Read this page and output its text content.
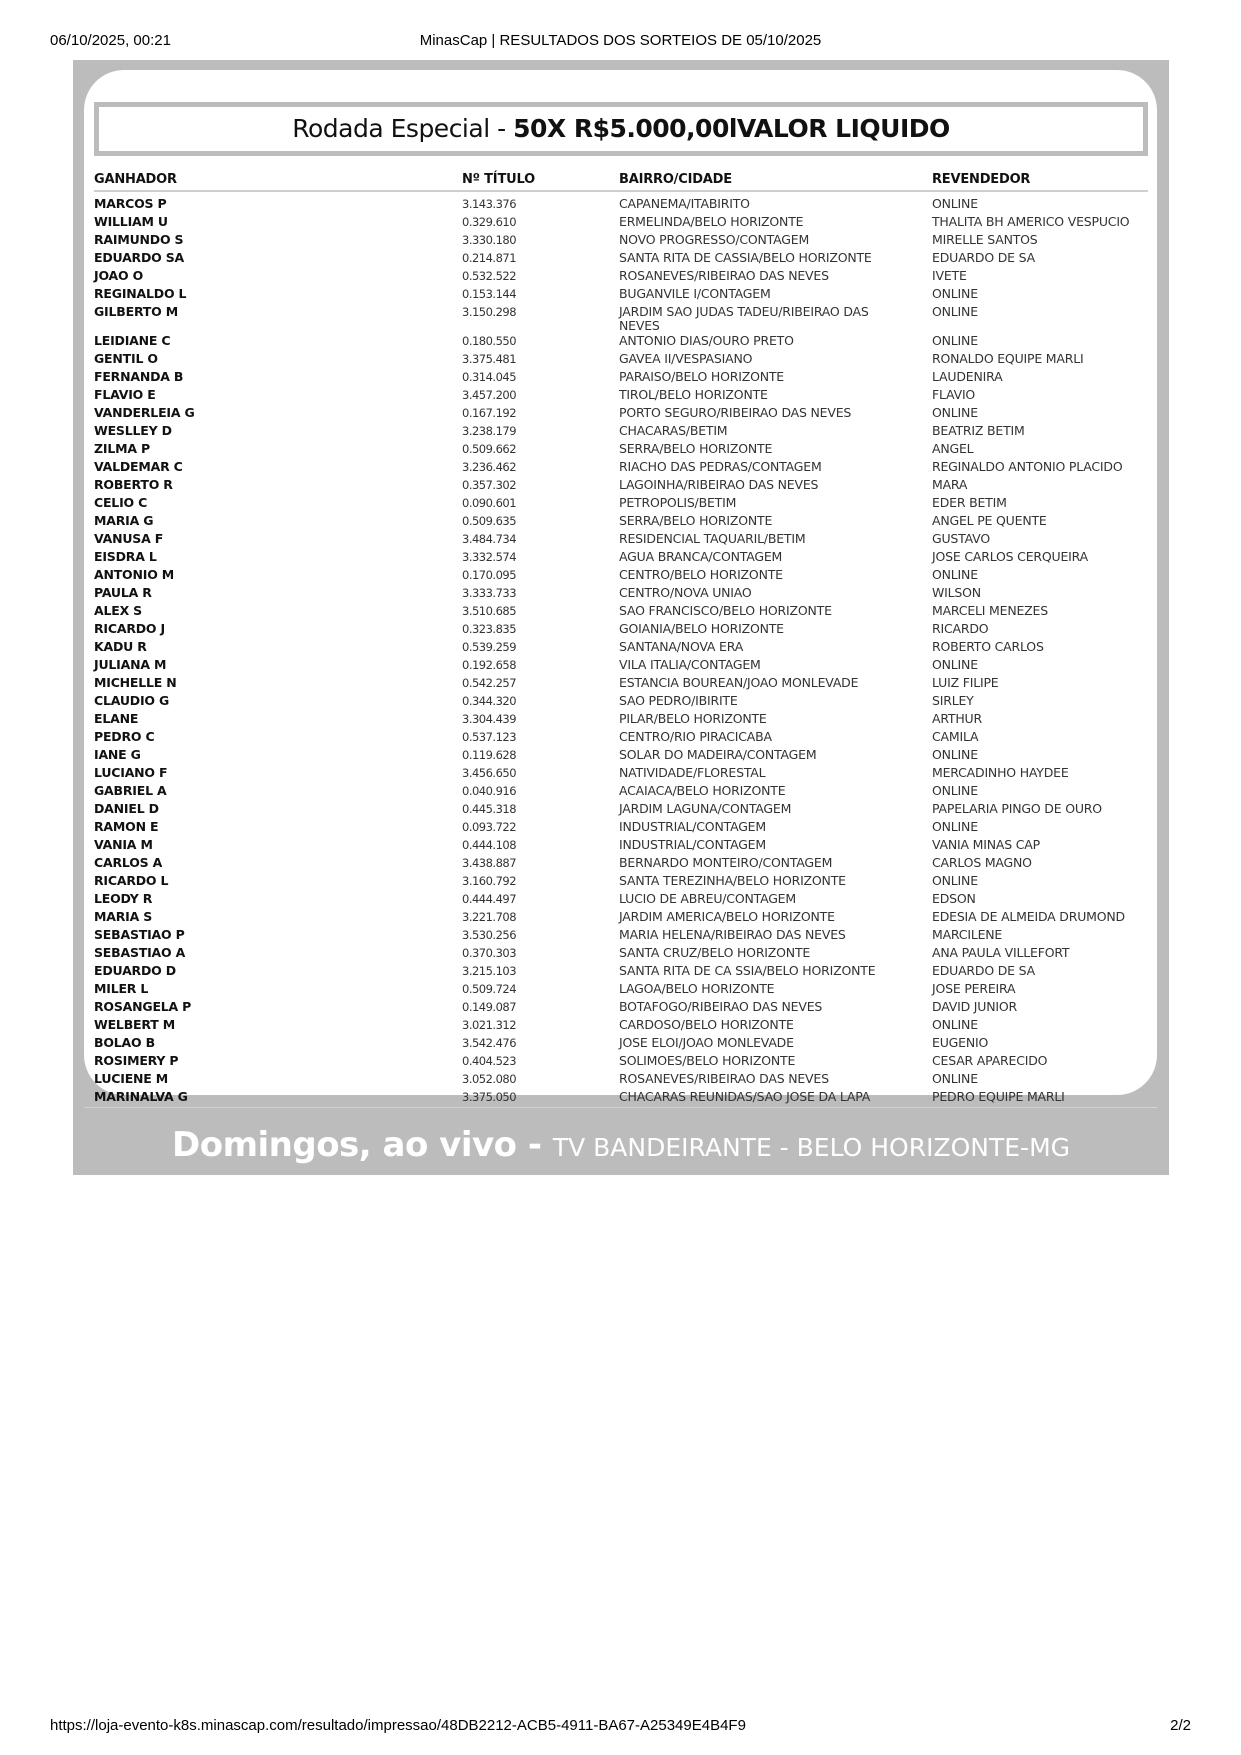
06/10/2025, 00:21	MinasCap | RESULTADOS DOS SORTEIOS DE 05/10/2025
Rodada Especial - 50X R$5.000,00lVALOR LIQUIDO
GANHADOR	Nº TÍTULO	BAIRRO/CIDADE	REVENDEDOR
MARCOS P	3.143.376	CAPANEMA/ITABIRITO	ONLINE
WILLIAM U	0.329.610	ERMELINDA/BELO HORIZONTE	THALITA BH AMERICO VESPUCIO
RAIMUNDO S	3.330.180	NOVO PROGRESSO/CONTAGEM	MIRELLE SANTOS
EDUARDO SA	0.214.871	SANTA RITA DE CASSIA/BELO HORIZONTE	EDUARDO DE SA
JOAO O	0.532.522	ROSANEVES/RIBEIRAO DAS NEVES	IVETE
REGINALDO L	0.153.144	BUGANVILE I/CONTAGEM	ONLINE
GILBERTO M	3.150.298	JARDIM SAO JUDAS TADEU/RIBEIRAO DAS NEVES	ONLINE
LEIDIANE C	0.180.550	ANTONIO DIAS/OURO PRETO	ONLINE
GENTIL O	3.375.481	GAVEA II/VESPASIANO	RONALDO EQUIPE MARLI
FERNANDA B	0.314.045	PARAISO/BELO HORIZONTE	LAUDENIRA
FLAVIO E	3.457.200	TIROL/BELO HORIZONTE	FLAVIO
VANDERLEIA G	0.167.192	PORTO SEGURO/RIBEIRAO DAS NEVES	ONLINE
WESLLEY D	3.238.179	CHACARAS/BETIM	BEATRIZ BETIM
ZILMA P	0.509.662	SERRA/BELO HORIZONTE	ANGEL
VALDEMAR C	3.236.462	RIACHO DAS PEDRAS/CONTAGEM	REGINALDO ANTONIO PLACIDO
ROBERTO R	0.357.302	LAGOINHA/RIBEIRAO DAS NEVES	MARA
CELIO C	0.090.601	PETROPOLIS/BETIM	EDER BETIM
MARIA G	0.509.635	SERRA/BELO HORIZONTE	ANGEL PE QUENTE
VANUSA F	3.484.734	RESIDENCIAL TAQUARIL/BETIM	GUSTAVO
EISDRA L	3.332.574	AGUA BRANCA/CONTAGEM	JOSE CARLOS CERQUEIRA
ANTONIO M	0.170.095	CENTRO/BELO HORIZONTE	ONLINE
PAULA R	3.333.733	CENTRO/NOVA UNIAO	WILSON
ALEX S	3.510.685	SAO FRANCISCO/BELO HORIZONTE	MARCELI MENEZES
RICARDO J	0.323.835	GOIANIA/BELO HORIZONTE	RICARDO
KADU R	0.539.259	SANTANA/NOVA ERA	ROBERTO CARLOS
JULIANA M	0.192.658	VILA ITALIA/CONTAGEM	ONLINE
MICHELLE N	0.542.257	ESTANCIA BOUREAN/JOAO MONLEVADE	LUIZ FILIPE
CLAUDIO G	0.344.320	SAO PEDRO/IBIRITE	SIRLEY
ELANE	3.304.439	PILAR/BELO HORIZONTE	ARTHUR
PEDRO C	0.537.123	CENTRO/RIO PIRACICABA	CAMILA
IANE G	0.119.628	SOLAR DO MADEIRA/CONTAGEM	ONLINE
LUCIANO F	3.456.650	NATIVIDADE/FLORESTAL	MERCADINHO HAYDEE
GABRIEL A	0.040.916	ACAIACA/BELO HORIZONTE	ONLINE
DANIEL D	0.445.318	JARDIM LAGUNA/CONTAGEM	PAPELARIA PINGO DE OURO
RAMON E	0.093.722	INDUSTRIAL/CONTAGEM	ONLINE
VANIA M	0.444.108	INDUSTRIAL/CONTAGEM	VANIA MINAS CAP
CARLOS A	3.438.887	BERNARDO MONTEIRO/CONTAGEM	CARLOS MAGNO
RICARDO L	3.160.792	SANTA TEREZINHA/BELO HORIZONTE	ONLINE
LEODY R	0.444.497	LUCIO DE ABREU/CONTAGEM	EDSON
MARIA S	3.221.708	JARDIM AMERICA/BELO HORIZONTE	EDESIA DE ALMEIDA DRUMOND
SEBASTIAO P	3.530.256	MARIA HELENA/RIBEIRAO DAS NEVES	MARCILENE
SEBASTIAO A	0.370.303	SANTA CRUZ/BELO HORIZONTE	ANA PAULA VILLEFORT
EDUARDO D	3.215.103	SANTA RITA DE CA SSIA/BELO HORIZONTE	EDUARDO DE SA
MILER L	0.509.724	LAGOA/BELO HORIZONTE	JOSE PEREIRA
ROSANGELA P	0.149.087	BOTAFOGO/RIBEIRAO DAS NEVES	DAVID JUNIOR
WELBERT M	3.021.312	CARDOSO/BELO HORIZONTE	ONLINE
BOLAO B	3.542.476	JOSE ELOI/JOAO MONLEVADE	EUGENIO
ROSIMERY P	0.404.523	SOLIMOES/BELO HORIZONTE	CESAR APARECIDO
LUCIENE M	3.052.080	ROSANEVES/RIBEIRAO DAS NEVES	ONLINE
MARINALVA G	3.375.050	CHACARAS REUNIDAS/SAO JOSE DA LAPA	PEDRO EQUIPE MARLI
Domingos, ao vivo - TV BANDEIRANTE - BELO HORIZONTE-MG
https://loja-evento-k8s.minascap.com/resultado/impressao/48DB2212-ACB5-4911-BA67-A25349E4B4F9	2/2
